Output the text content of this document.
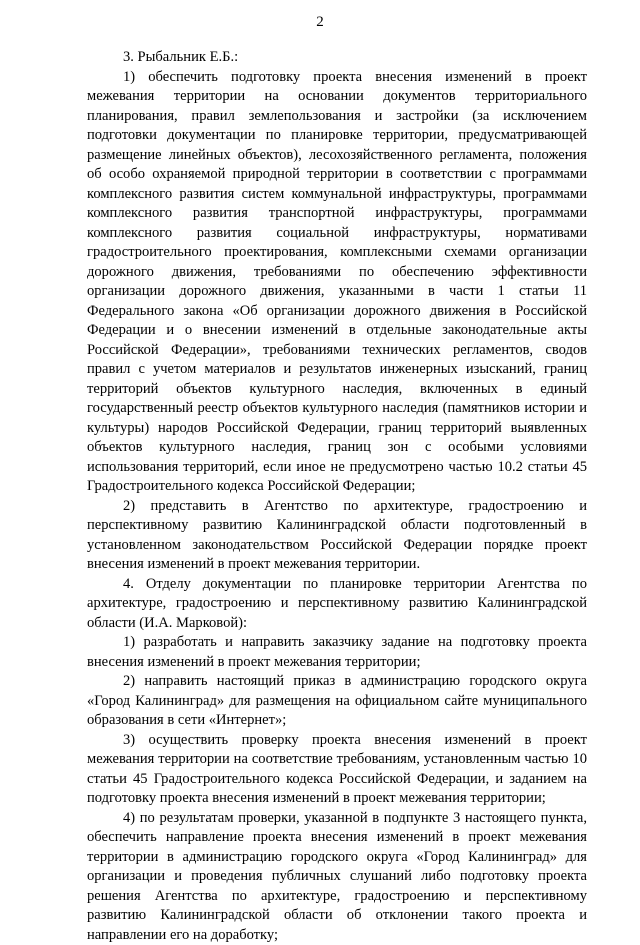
2

3. Рыбальник Е.Б.:

1) обеспечить подготовку проекта внесения изменений в проект межевания территории на основании документов территориального планирования, правил землепользования и застройки (за исключением подготовки документации по планировке территории, предусматривающей размещение линейных объектов), лесохозяйственного регламента, положения об особо охраняемой природной территории в соответствии с программами комплексного развития систем коммунальной инфраструктуры, программами комплексного развития транспортной инфраструктуры, программами комплексного развития социальной инфраструктуры, нормативами градостроительного проектирования, комплексными схемами организации дорожного движения, требованиями по обеспечению эффективности организации дорожного движения, указанными в части 1 статьи 11 Федерального закона «Об организации дорожного движения в Российской Федерации и о внесении изменений в отдельные законодательные акты Российской Федерации», требованиями технических регламентов, сводов правил с учетом материалов и результатов инженерных изысканий, границ территорий объектов культурного наследия, включенных в единый государственный реестр объектов культурного наследия (памятников истории и культуры) народов Российской Федерации, границ территорий выявленных объектов культурного наследия, границ зон с особыми условиями использования территорий, если иное не предусмотрено частью 10.2 статьи 45 Градостроительного кодекса Российской Федерации;

2) представить в Агентство по архитектуре, градостроению и перспективному развитию Калининградской области подготовленный в установленном законодательством Российской Федерации порядке проект внесения изменений в проект межевания территории.

4. Отделу документации по планировке территории Агентства по архитектуре, градостроению и перспективному развитию Калининградской области (И.А. Марковой):

1) разработать и направить заказчику задание на подготовку проекта внесения изменений в проект межевания территории;

2) направить настоящий приказ в администрацию городского округа «Город Калининград» для размещения на официальном сайте муниципального образования в сети «Интернет»;

3) осуществить проверку проекта внесения изменений в проект межевания территории на соответствие требованиям, установленным частью 10 статьи 45 Градостроительного кодекса Российской Федерации, и заданием на подготовку проекта внесения изменений в проект межевания территории;

4) по результатам проверки, указанной в подпункте 3 настоящего пункта, обеспечить направление проекта внесения изменений в проект межевания территории в администрацию городского округа «Город Калининград» для организации и проведения публичных слушаний либо подготовку проекта решения Агентства по архитектуре, градостроению и перспективному развитию Калининградской области об отклонении такого проекта и направлении его на доработку;
